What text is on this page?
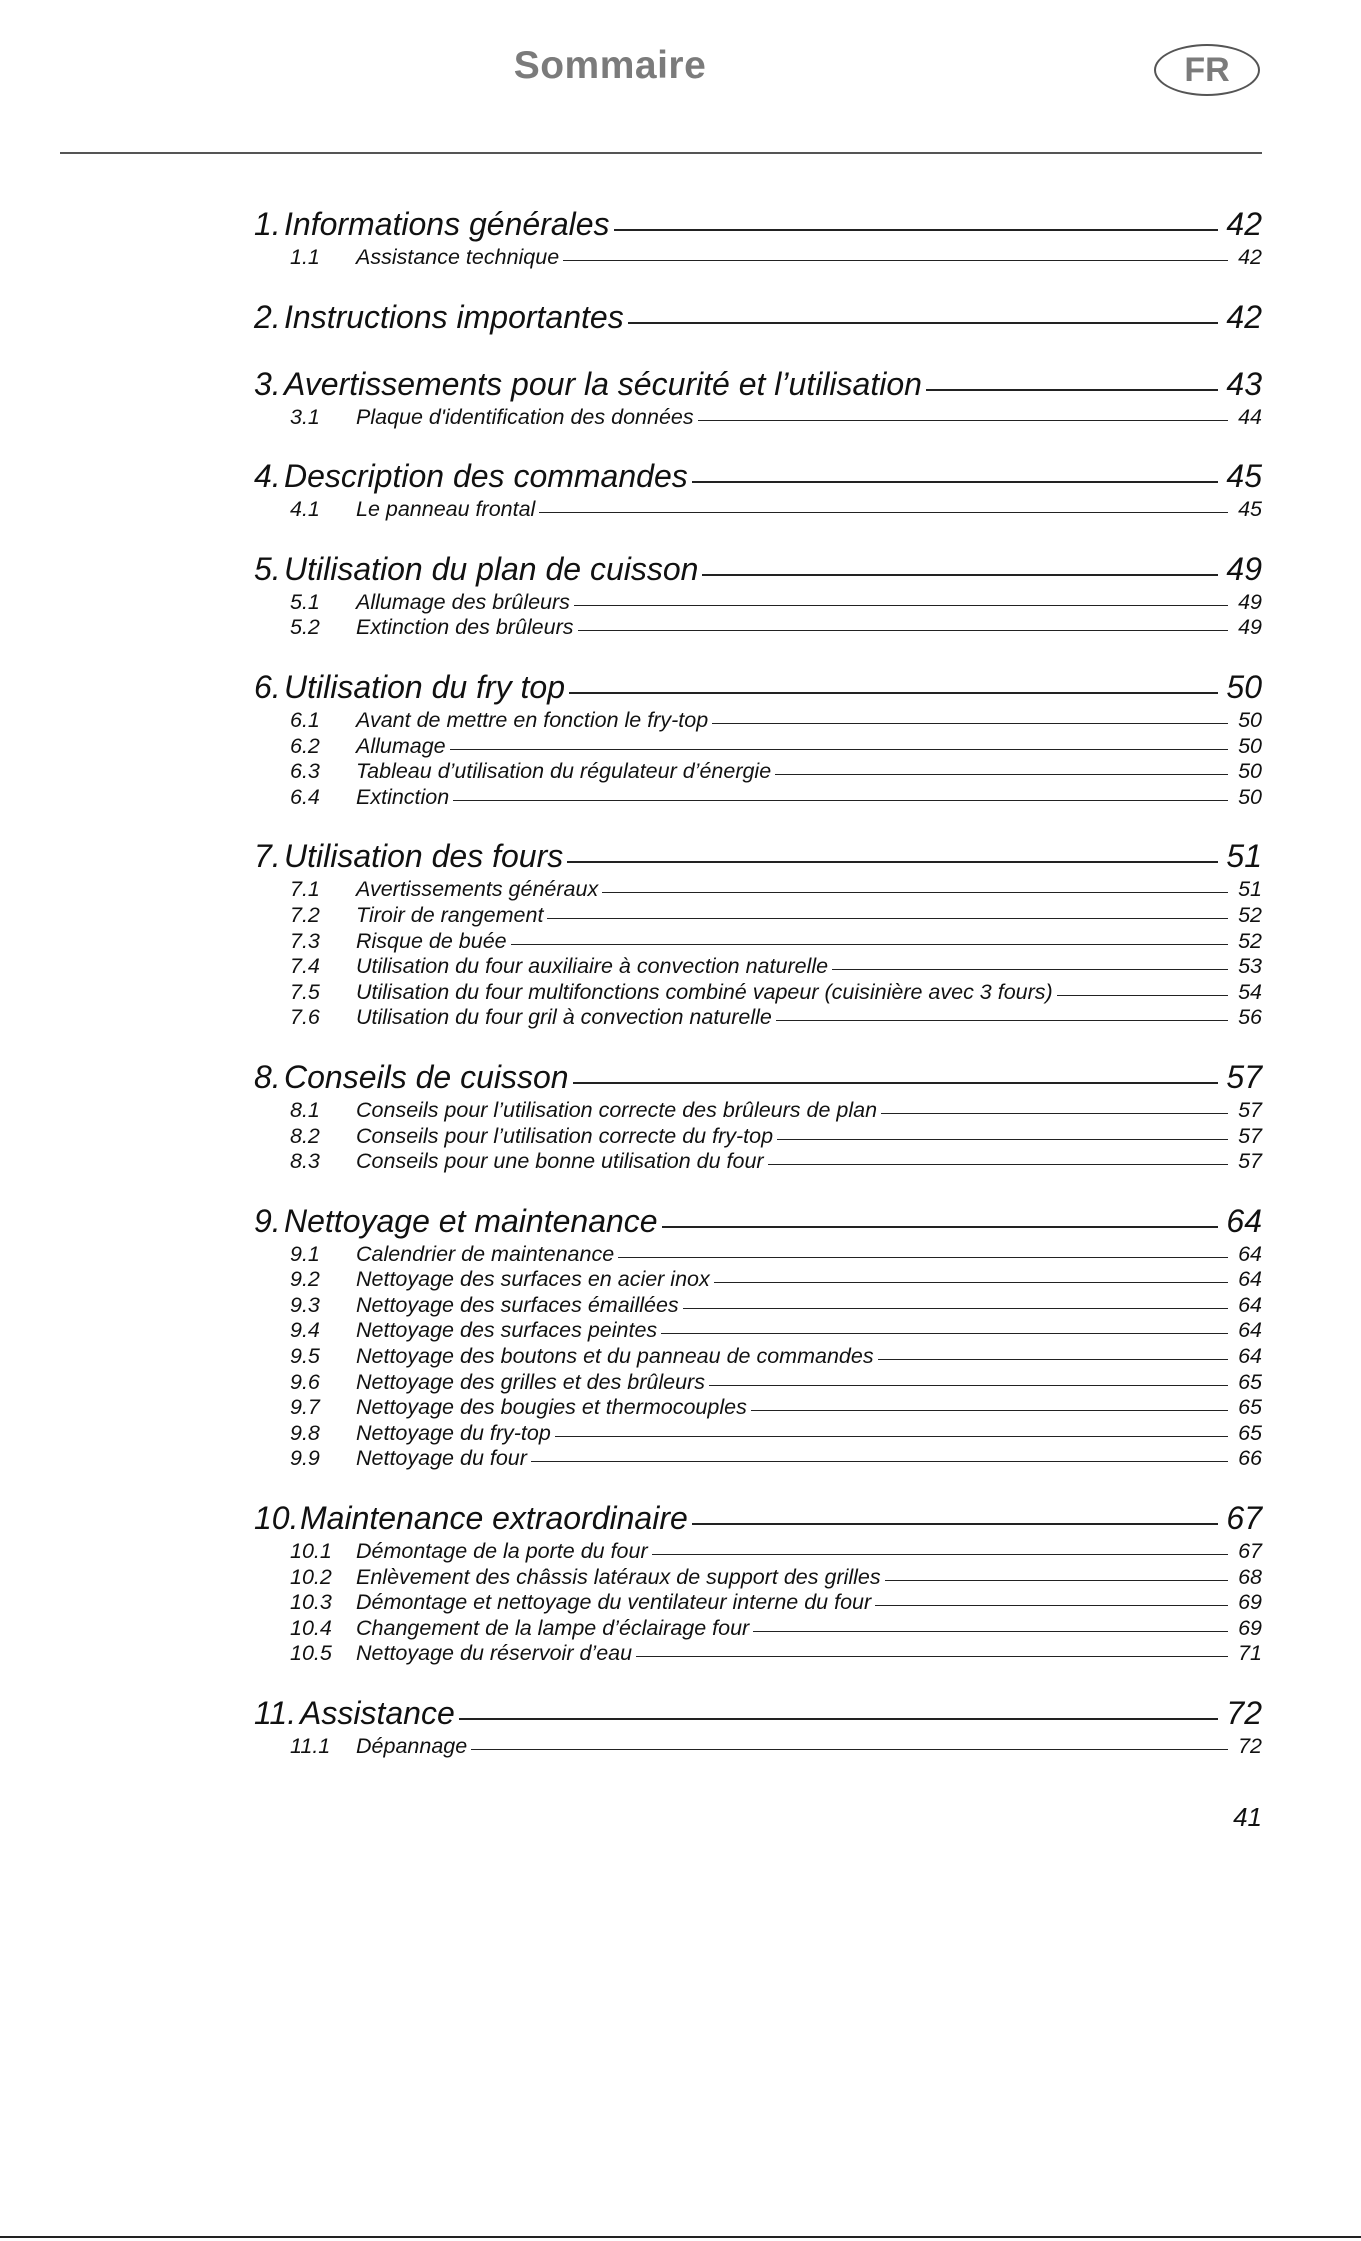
Sommaire	FR
1. Informations générales	42
1.1	Assistance technique	42
2. Instructions importantes	42
3. Avertissements pour la sécurité et l’utilisation	43
3.1	Plaque d'identification des données	44
4. Description des commandes	45
4.1	Le panneau frontal	45
5. Utilisation du plan de cuisson	49
5.1	Allumage des brûleurs	49
5.2	Extinction des brûleurs	49
6. Utilisation du fry top	50
6.1	Avant de mettre en fonction le fry-top	50
6.2	Allumage	50
6.3	Tableau d’utilisation du régulateur d’énergie	50
6.4	Extinction	50
7. Utilisation des fours	51
7.1	Avertissements généraux	51
7.2	Tiroir de rangement	52
7.3	Risque de buée	52
7.4	Utilisation du four auxiliaire à convection naturelle	53
7.5	Utilisation du four multifonctions combiné vapeur (cuisinière avec 3 fours)	54
7.6	Utilisation du four gril à convection naturelle	56
8. Conseils de cuisson	57
8.1	Conseils pour l’utilisation correcte des brûleurs de plan	57
8.2	Conseils pour l’utilisation correcte du fry-top	57
8.3	Conseils pour une bonne utilisation du four	57
9. Nettoyage et maintenance	64
9.1	Calendrier de maintenance	64
9.2	Nettoyage des surfaces en acier inox	64
9.3	Nettoyage des surfaces émaillées	64
9.4	Nettoyage des surfaces peintes	64
9.5	Nettoyage des boutons et du panneau de commandes	64
9.6	Nettoyage des grilles et des brûleurs	65
9.7	Nettoyage des bougies et thermocouples	65
9.8	Nettoyage du fry-top	65
9.9	Nettoyage du four	66
10. Maintenance extraordinaire	67
10.1	Démontage de la porte du four	67
10.2	Enlèvement des châssis latéraux de support des grilles	68
10.3	Démontage et nettoyage du ventilateur interne du four	69
10.4	Changement de la lampe d’éclairage four	69
10.5	Nettoyage du réservoir d’eau	71
11. Assistance	72
11.1	Dépannage	72
41
